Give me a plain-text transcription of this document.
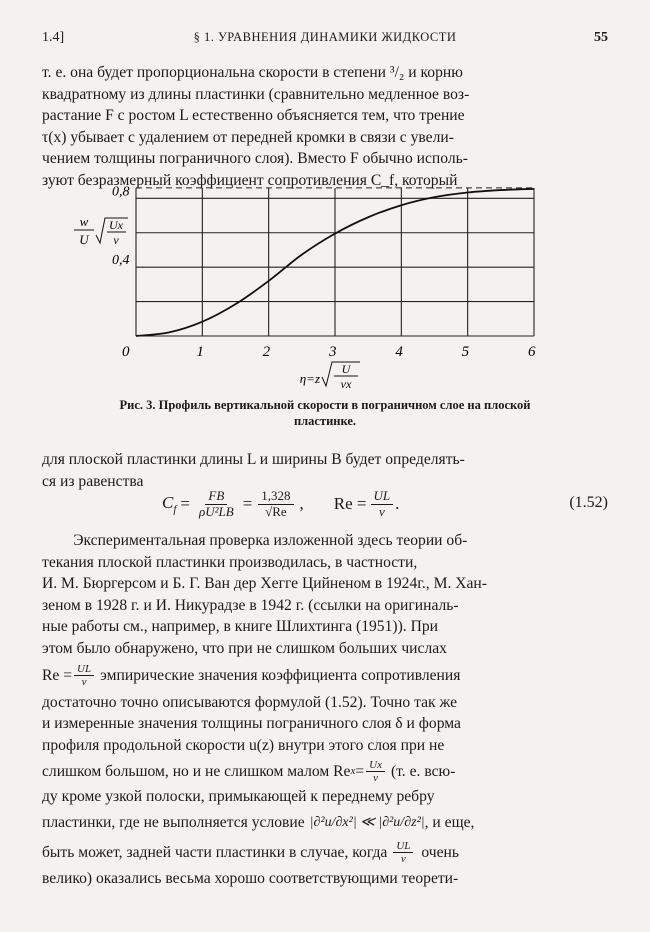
1.4]	§ 1. УРАВНЕНИЯ ДИНАМИКИ ЖИДКОСТИ	55

т. е. она будет пропорциональна скорости в степени ³/₂ и корню

квадратному из длины пластинки (сравнительно медленное воз-

растание F с ростом L естественно объясняется тем, что трение

τ(x) убывает с удалением от передней кромки в связи с увели-

чением толщины пограничного слоя). Вместо F обычно исполь-

зуют безразмерный коэффициент сопротивления C_f, который

0	1	2	3	4	5	6
0,4
0,8
w
U
Ux
ν
η=z
U
νx
Рис. 3. Профиль вертикальной скорости в пограничном слое на плоской пластинке.

для плоской пластинки длины L и ширины B будет определять-

ся из равенства

$C_f = \frac{FB}{\text{ρU²LB}} = \frac{1,328}{√Re}$ , $Re = \frac{UL}{\nu}$ .	(1.52)

Экспериментальная проверка изложенной здесь теории об-

текания плоской пластинки производилась, в частности,

И. М. Бюргерсом и Б. Г. Ван дер Хегге Цийненом в 1924г., М. Хан-

зеном в 1928 г. и И. Никурадзе в 1942 г. (ссылки на оригиналь-

ные работы см., например, в книге Шлихтинга (1951)). При

этом было обнаружено, что при не слишком больших числах

$Re = \frac{UL}{\nu}$ эмпирические значения коэффициента сопротивления

достаточно точно описываются формулой (1.52). Точно так же

и измеренные значения толщины пограничного слоя δ и форма

профиля продольной скорости u(z) внутри этого слоя при не

слишком большом, но и не слишком малом Re $x = \frac{Ux}{\nu} (т$. е. всю-

ду кроме узкой полоски, примыкающей к переднему ребру

пластинки, где не выполняется условие |∂²u/∂x²| ≪ |∂²u/∂z²| , и еще,

быть может, задней части пластинки в случае, когда $\frac{UL}{\nu}$ очень

велико) оказались весьма хорошо соответствующими теорети-
